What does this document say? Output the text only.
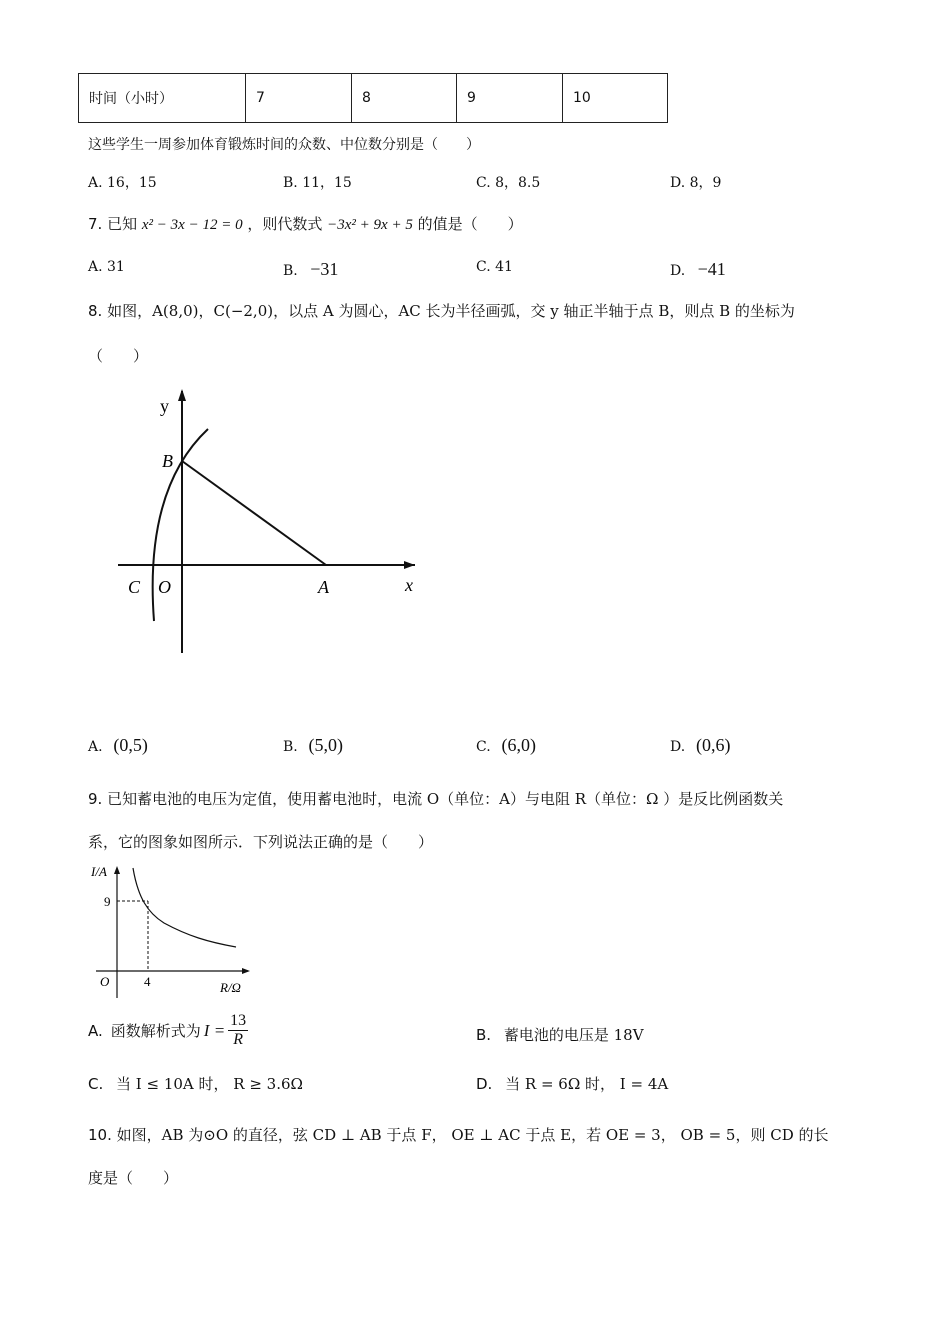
时间（小时）	7	8	9	10
这些学生一周参加体育锻炼时间的众数、中位数分别是（　　）
A. 16，15	B. 11，15	C. 8，8.5	D. 8，9
7. 已知 x² − 3x − 12 = 0 ，则代数式 −3x² + 9x + 5 的值是（　　）
A. 31	B. −31	C. 41	D. −41
8. 如图，A(8,0)，C(−2,0)，以点 A 为圆心，AC 长为半径画弧，交 y 轴正半轴于点 B，则点 B 的坐标为
（　　）
y
x
B
C O	A
A. (0,5)	B. (5,0)	C. (6,0)	D. (0,6)
9. 已知蓄电池的电压为定值，使用蓄电池时，电流 O（单位：A）与电阻 R（单位：Ω ）是反比例函数关
系，它的图象如图所示．下列说法正确的是（　　）
I/A
R/Ω
O
9
4
A. 函数解析式为 $I = \frac{13}{R}$	B. 蓄电池的电压是 18V
C. 当 I ≤ 10A 时， R ≥ 3.6Ω	D. 当 R = 6Ω 时， I = 4A
10. 如图，AB 为⊙O 的直径，弦 CD ⊥ AB 于点 F， OE ⊥ AC 于点 E，若 OE = 3， OB = 5，则 CD 的长
度是（　　）
